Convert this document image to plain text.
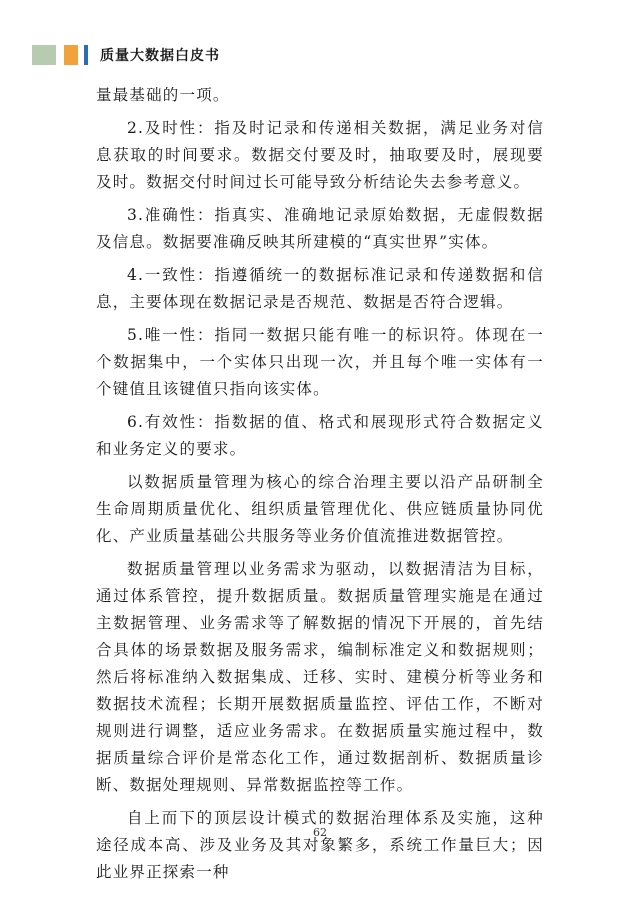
质量大数据白皮书

量最基础的一项。

2.及时性：指及时记录和传递相关数据，满足业务对信息获取的时间要求。数据交付要及时，抽取要及时，展现要及时。数据交付时间过长可能导致分析结论失去参考意义。

3.准确性：指真实、准确地记录原始数据，无虚假数据及信息。数据要准确反映其所建模的“真实世界”实体。

4.一致性：指遵循统一的数据标准记录和传递数据和信息，主要体现在数据记录是否规范、数据是否符合逻辑。

5.唯一性：指同一数据只能有唯一的标识符。体现在一个数据集中，一个实体只出现一次，并且每个唯一实体有一个键值且该键值只指向该实体。

6.有效性：指数据的值、格式和展现形式符合数据定义和业务定义的要求。

以数据质量管理为核心的综合治理主要以沿产品研制全生命周期质量优化、组织质量管理优化、供应链质量协同优化、产业质量基础公共服务等业务价值流推进数据管控。

数据质量管理以业务需求为驱动，以数据清洁为目标，通过体系管控，提升数据质量。数据质量管理实施是在通过主数据管理、业务需求等了解数据的情况下开展的，首先结合具体的场景数据及服务需求，编制标准定义和数据规则；然后将标准纳入数据集成、迁移、实时、建模分析等业务和数据技术流程；长期开展数据质量监控、评估工作，不断对规则进行调整，适应业务需求。在数据质量实施过程中，数据质量综合评价是常态化工作，通过数据剖析、数据质量诊断、数据处理规则、异常数据监控等工作。

自上而下的顶层设计模式的数据治理体系及实施，这种途径成本高、涉及业务及其对象繁多，系统工作量巨大；因此业界正探索一种

62
